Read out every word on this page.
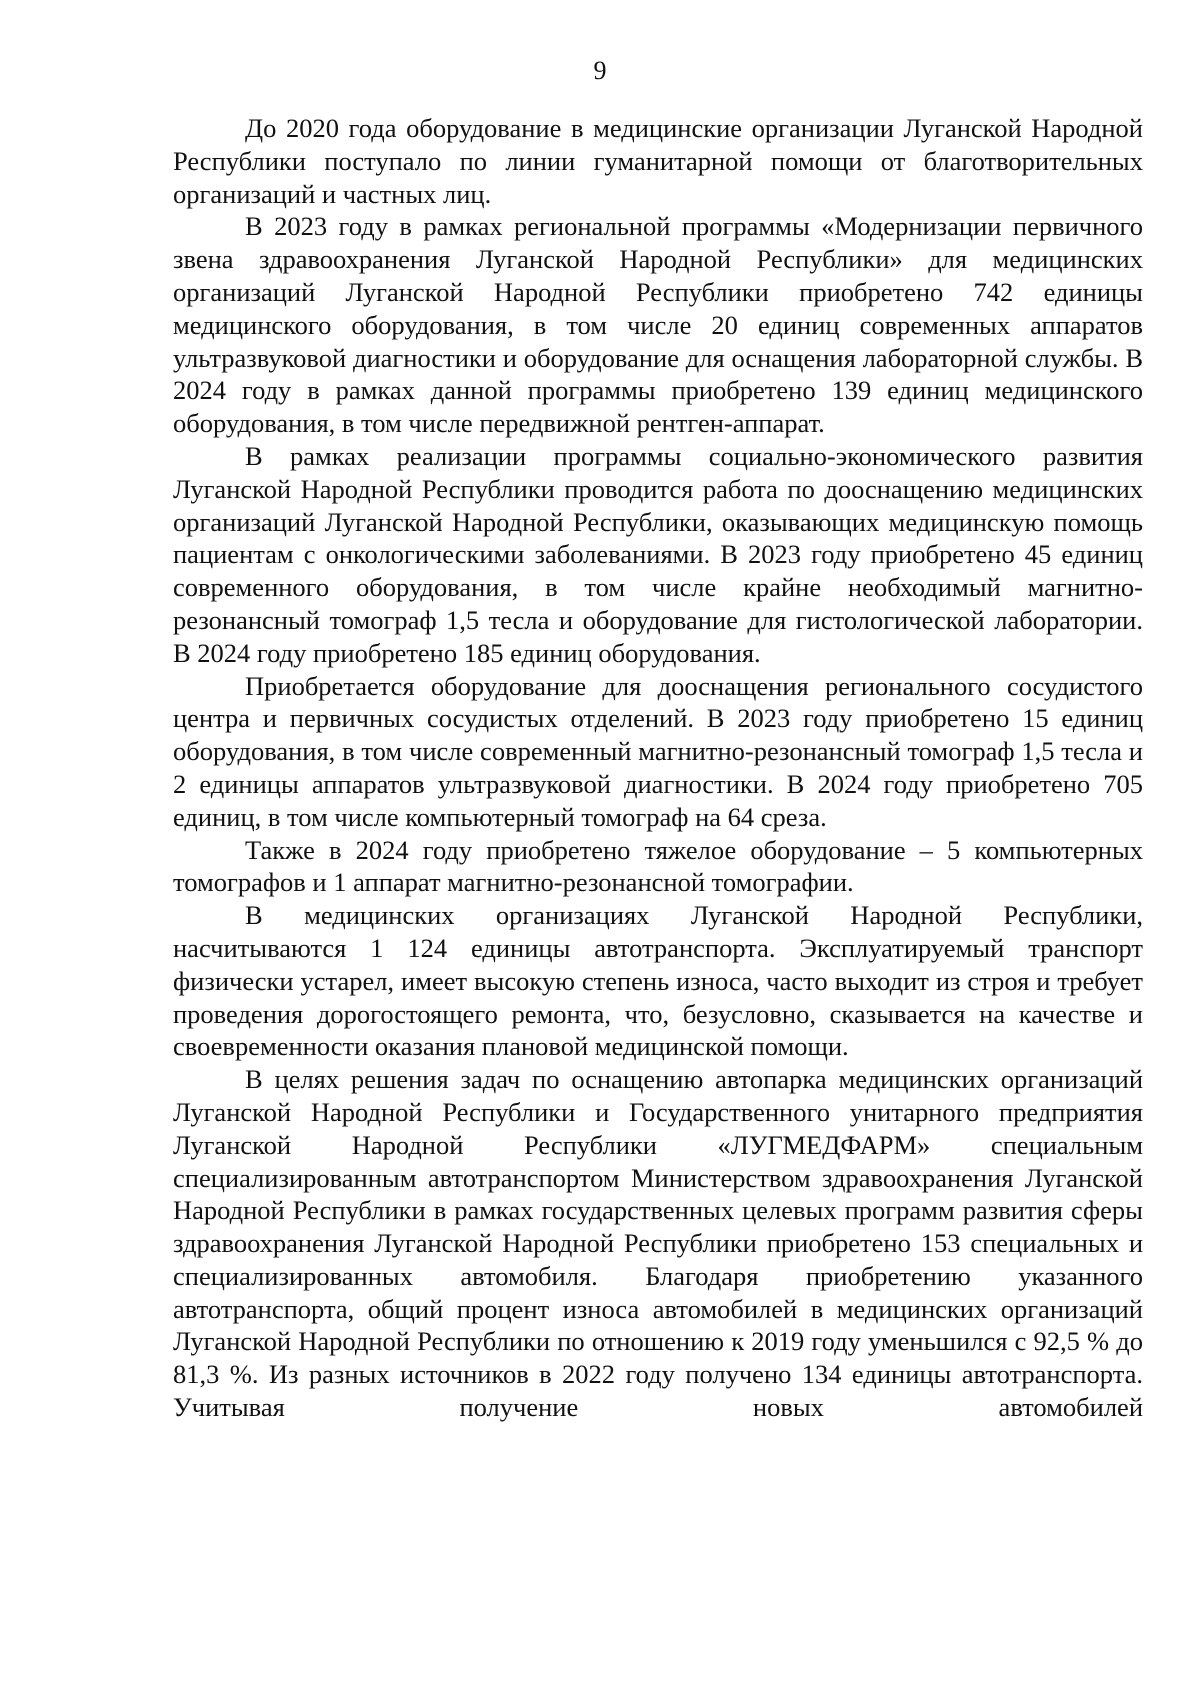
9

До 2020 года оборудование в медицинские организации Луганской Народной Республики поступало по линии гуманитарной помощи от благотворительных организаций и частных лиц.

В 2023 году в рамках региональной программы «Модернизации первичного звена здравоохранения Луганской Народной Республики» для медицинских организаций Луганской Народной Республики приобретено 742 единицы медицинского оборудования, в том числе 20 единиц современных аппаратов ультразвуковой диагностики и оборудование для оснащения лабораторной службы. В 2024 году в рамках данной программы приобретено 139 единиц медицинского оборудования, в том числе передвижной рентген-аппарат.

В рамках реализации программы социально-экономического развития Луганской Народной Республики проводится работа по дооснащению медицинских организаций Луганской Народной Республики, оказывающих медицинскую помощь пациентам с онкологическими заболеваниями. В 2023 году приобретено 45 единиц современного оборудования, в том числе крайне необходимый магнитно-резонансный томограф 1,5 тесла и оборудование для гистологической лаборатории. В 2024 году приобретено 185 единиц оборудования.

Приобретается оборудование для дооснащения регионального сосудистого центра и первичных сосудистых отделений. В 2023 году приобретено 15 единиц оборудования, в том числе современный магнитно-резонансный томограф 1,5 тесла и 2 единицы аппаратов ультразвуковой диагностики. В 2024 году приобретено 705 единиц, в том числе компьютерный томограф на 64 среза.

Также в 2024 году приобретено тяжелое оборудование – 5 компьютерных томографов и 1 аппарат магнитно-резонансной томографии.

В медицинских организациях Луганской Народной Республики, насчитываются 1 124 единицы автотранспорта. Эксплуатируемый транспорт физически устарел, имеет высокую степень износа, часто выходит из строя и требует проведения дорогостоящего ремонта, что, безусловно, сказывается на качестве и своевременности оказания плановой медицинской помощи.

В целях решения задач по оснащению автопарка медицинских организаций Луганской Народной Республики и Государственного унитарного предприятия Луганской Народной Республики «ЛУГМЕДФАРМ» специальным специализированным автотранспортом Министерством здравоохранения Луганской Народной Республики в рамках государственных целевых программ развития сферы здравоохранения Луганской Народной Республики приобретено 153 специальных и специализированных автомобиля. Благодаря приобретению указанного автотранспорта, общий процент износа автомобилей в медицинских организаций Луганской Народной Республики по отношению к 2019 году уменьшился с 92,5 % до 81,3 %. Из разных источников в 2022 году получено 134 единицы автотранспорта. Учитывая получение новых автомобилей
